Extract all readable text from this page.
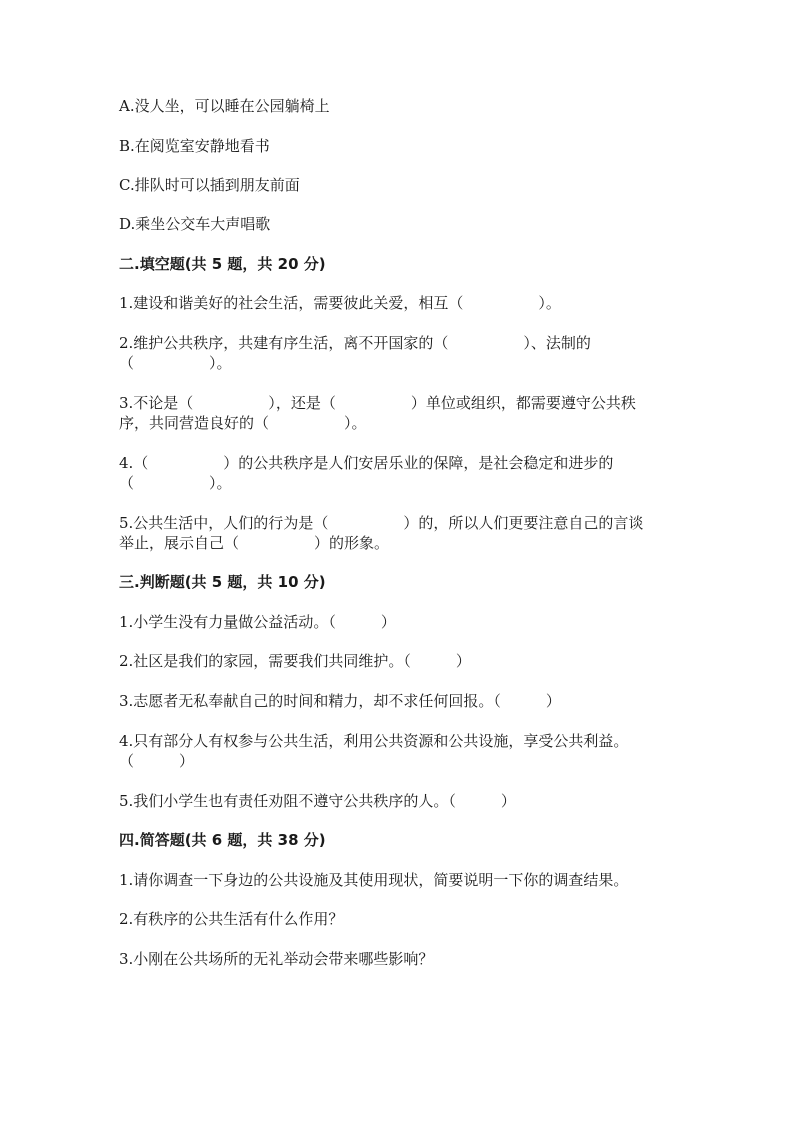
A.没人坐，可以睡在公园躺椅上

B.在阅览室安静地看书

C.排队时可以插到朋友前面

D.乘坐公交车大声唱歌

二.填空题(共 5 题，共 20 分)

1.建设和谐美好的社会生活，需要彼此关爱，相互（　　　　　）。

2.维护公共秩序，共建有序生活，离不开国家的（　　　　　）、法制的

（　　　　　）。

3.不论是（　　　　　），还是（　　　　　）单位或组织，都需要遵守公共秩

序，共同营造良好的（　　　　　）。

4.（　　　　　）的公共秩序是人们安居乐业的保障，是社会稳定和进步的

（　　　　　）。

5.公共生活中，人们的行为是（　　　　　）的，所以人们更要注意自己的言谈

举止，展示自己（　　　　　）的形象。

三.判断题(共 5 题，共 10 分)

1.小学生没有力量做公益活动。（　　　）

2.社区是我们的家园，需要我们共同维护。（　　　）

3.志愿者无私奉献自己的时间和精力，却不求任何回报。（　　　）

4.只有部分人有权参与公共生活，利用公共资源和公共设施，享受公共利益。

（　　　）

5.我们小学生也有责任劝阻不遵守公共秩序的人。（　　　）

四.简答题(共 6 题，共 38 分)

1.请你调查一下身边的公共设施及其使用现状，简要说明一下你的调查结果。

2.有秩序的公共生活有什么作用？

3.小刚在公共场所的无礼举动会带来哪些影响？
